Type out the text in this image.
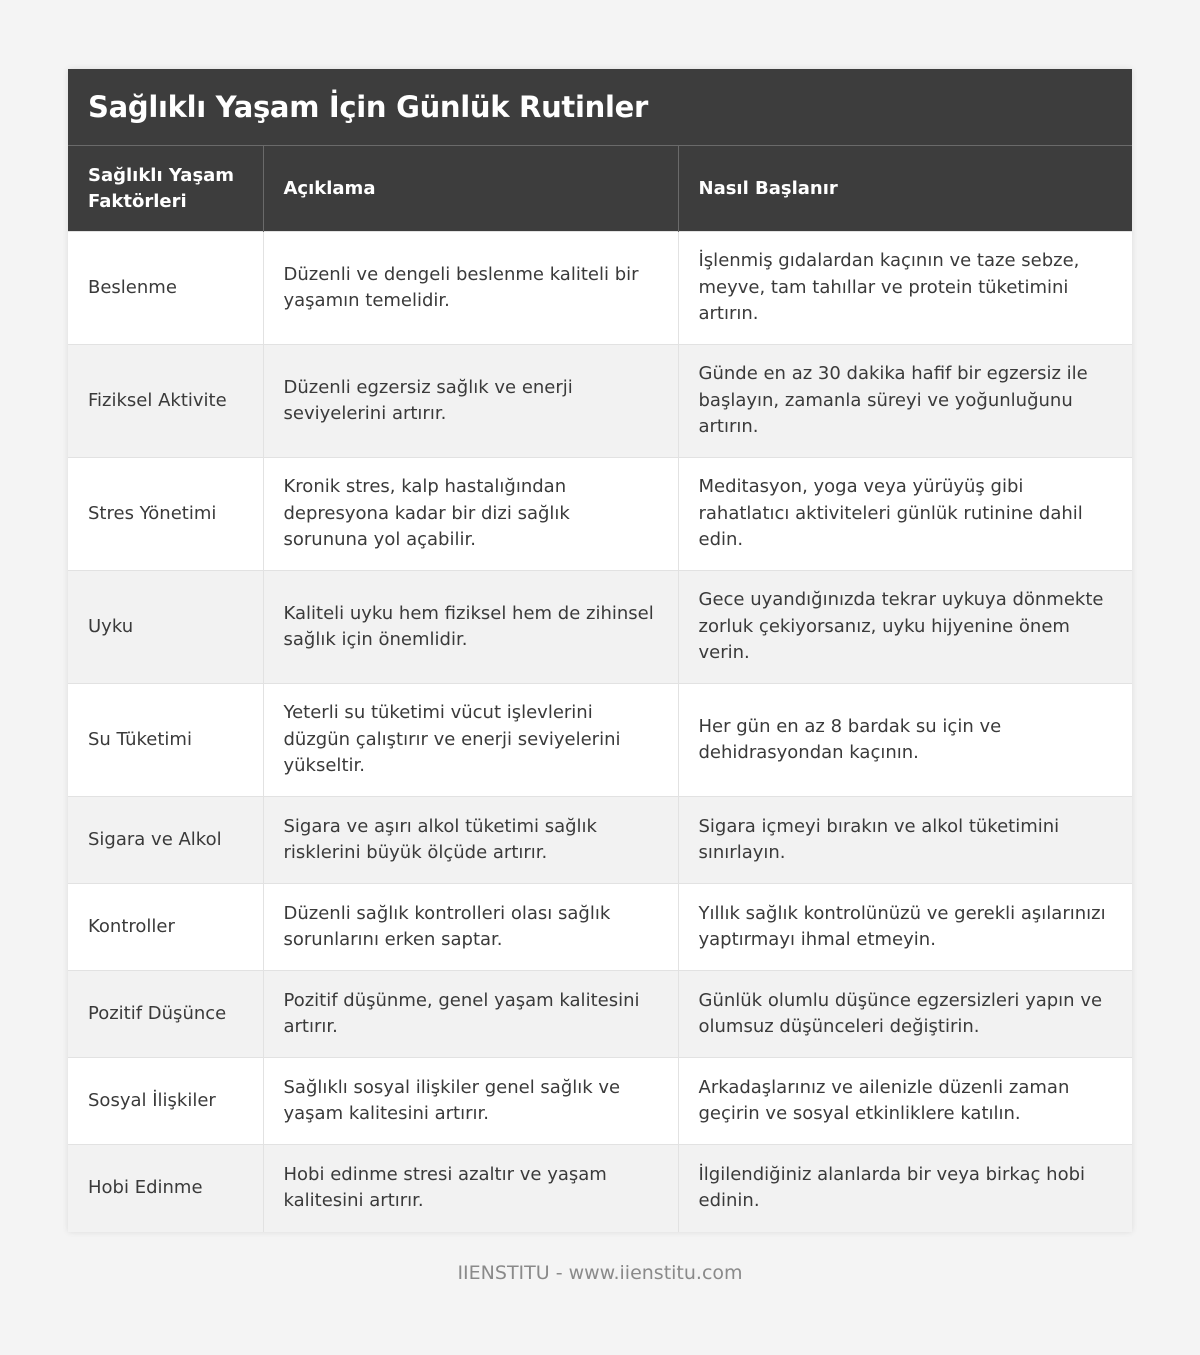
Sağlıklı Yaşam İçin Günlük Rutinler
Sağlıklı Yaşam Faktörleri	Açıklama	Nasıl Başlanır
Beslenme	Düzenli ve dengeli beslenme kaliteli bir yaşamın temelidir.	İşlenmiş gıdalardan kaçının ve taze sebze, meyve, tam tahıllar ve protein tüketimini artırın.
Fiziksel Aktivite	Düzenli egzersiz sağlık ve enerji seviyelerini artırır.	Günde en az 30 dakika hafif bir egzersiz ile başlayın, zamanla süreyi ve yoğunluğunu artırın.
Stres Yönetimi	Kronik stres, kalp hastalığından depresyona kadar bir dizi sağlık sorununa yol açabilir.	Meditasyon, yoga veya yürüyüş gibi rahatlatıcı aktiviteleri günlük rutinine dahil edin.
Uyku	Kaliteli uyku hem fiziksel hem de zihinsel sağlık için önemlidir.	Gece uyandığınızda tekrar uykuya dönmekte zorluk çekiyorsanız, uyku hijyenine önem verin.
Su Tüketimi	Yeterli su tüketimi vücut işlevlerini düzgün çalıştırır ve enerji seviyelerini yükseltir.	Her gün en az 8 bardak su için ve dehidrasyondan kaçının.
Sigara ve Alkol	Sigara ve aşırı alkol tüketimi sağlık risklerini büyük ölçüde artırır.	Sigara içmeyi bırakın ve alkol tüketimini sınırlayın.
Kontroller	Düzenli sağlık kontrolleri olası sağlık sorunlarını erken saptar.	Yıllık sağlık kontrolünüzü ve gerekli aşılarınızı yaptırmayı ihmal etmeyin.
Pozitif Düşünce	Pozitif düşünme, genel yaşam kalitesini artırır.	Günlük olumlu düşünce egzersizleri yapın ve olumsuz düşünceleri değiştirin.
Sosyal İlişkiler	Sağlıklı sosyal ilişkiler genel sağlık ve yaşam kalitesini artırır.	Arkadaşlarınız ve ailenizle düzenli zaman geçirin ve sosyal etkinliklere katılın.
Hobi Edinme	Hobi edinme stresi azaltır ve yaşam kalitesini artırır.	İlgilendiğiniz alanlarda bir veya birkaç hobi edinin.
IIENSTITU - www.iienstitu.com
